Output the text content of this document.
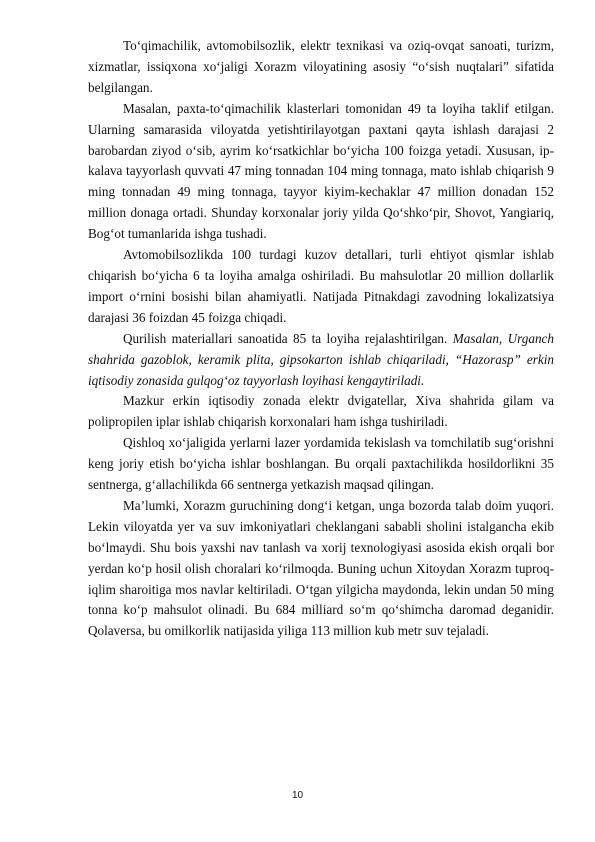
To‘qimachilik, avtomobilsozlik, elektr texnikasi va oziq-ovqat sanoati, turizm, xizmatlar, issiqxona xo‘jaligi Xorazm viloyatining asosiy “o‘sish nuqtalari” sifatida belgilangan.

Masalan, paxta-to‘qimachilik klasterlari tomonidan 49 ta loyiha taklif etilgan. Ularning samarasida viloyatda yetishtirilayotgan paxtani qayta ishlash darajasi 2 barobardan ziyod o‘sib, ayrim ko‘rsatkichlar bo‘yicha 100 foizga yetadi. Xususan, ip-kalava tayyorlash quvvati 47 ming tonnadan 104 ming tonnaga, mato ishlab chiqarish 9 ming tonnadan 49 ming tonnaga, tayyor kiyim-kechaklar 47 million donadan 152 million donaga ortadi. Shunday korxonalar joriy yilda Qo‘shko‘pir, Shovot, Yangiariq, Bog‘ot tumanlarida ishga tushadi.

Avtomobilsozlikda 100 turdagi kuzov detallari, turli ehtiyot qismlar ishlab chiqarish bo‘yicha 6 ta loyiha amalga oshiriladi. Bu mahsulotlar 20 million dollarlik import o‘rnini bosishi bilan ahamiyatli. Natijada Pitnakdagi zavodning lokalizatsiya darajasi 36 foizdan 45 foizga chiqadi.

Qurilish materiallari sanoatida 85 ta loyiha rejalashtirilgan. Masalan, Urganch shahrida gazoblok, keramik plita, gipsokarton ishlab chiqariladi, “Hazorasp” erkin iqtisodiy zonasida gulqog‘oz tayyorlash loyihasi kengaytiriladi.

Mazkur erkin iqtisodiy zonada elektr dvigatellar, Xiva shahrida gilam va polipropilen iplar ishlab chiqarish korxonalari ham ishga tushiriladi.

Qishloq xo‘jaligida yerlarni lazer yordamida tekislash va tomchilatib sug‘orishni keng joriy etish bo‘yicha ishlar boshlangan. Bu orqali paxtachilikda hosildorlikni 35 sentnerga, g‘allachilikda 66 sentnerga yetkazish maqsad qilingan.

Ma’lumki, Xorazm guruchining dong‘i ketgan, unga bozorda talab doim yuqori. Lekin viloyatda yer va suv imkoniyatlari cheklangani sababli sholini istalgancha ekib bo‘lmaydi. Shu bois yaxshi nav tanlash va xorij texnologiyasi asosida ekish orqali bor yerdan ko‘p hosil olish choralari ko‘rilmoqda. Buning uchun Xitoydan Xorazm tuproq-iqlim sharoitiga mos navlar keltiriladi. O‘tgan yilgicha maydonda, lekin undan 50 ming tonna ko‘p mahsulot olinadi. Bu 684 milliard so‘m qo‘shimcha daromad deganidir. Qolaversa, bu omilkorlik natijasida yiliga 113 million kub metr suv tejaladi.

10
